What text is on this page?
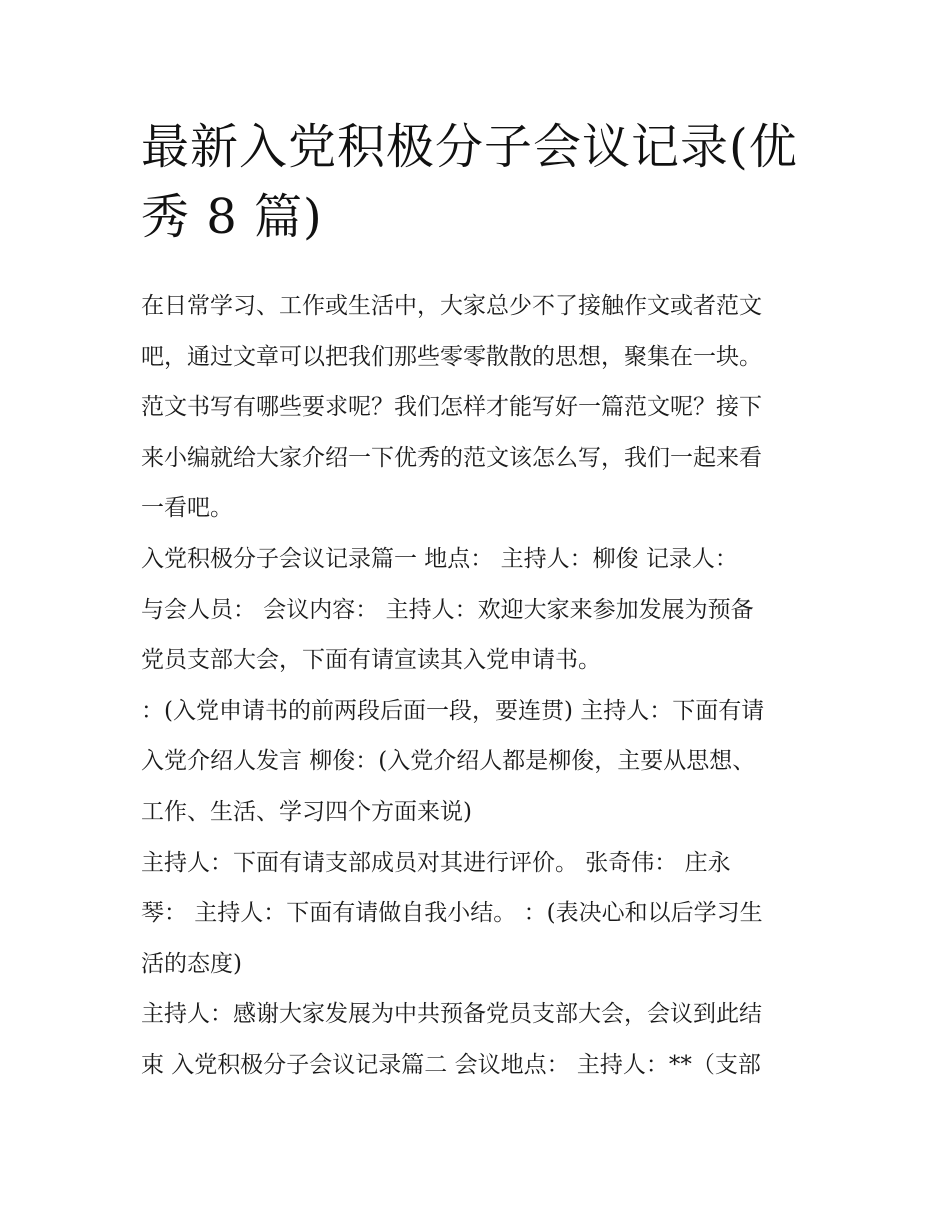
最新入党积极分子会议记录(优
秀 8 篇)
在日常学习、工作或生活中，大家总少不了接触作文或者范文
吧，通过文章可以把我们那些零零散散的思想，聚集在一块。
范文书写有哪些要求呢？我们怎样才能写好一篇范文呢？接下
来小编就给大家介绍一下优秀的范文该怎么写，我们一起来看
一看吧。
入党积极分子会议记录篇一 地点： 主持人：柳俊 记录人：
与会人员： 会议内容： 主持人：欢迎大家来参加发展为预备
党员支部大会，下面有请宣读其入党申请书。
：(入党申请书的前两段后面一段，要连贯) 主持人：下面有请
入党介绍人发言 柳俊：(入党介绍人都是柳俊，主要从思想、
工作、生活、学习四个方面来说)
主持人：下面有请支部成员对其进行评价。 张奇伟： 庄永
琴： 主持人：下面有请做自我小结。 ：(表决心和以后学习生
活的态度)
主持人：感谢大家发展为中共预备党员支部大会，会议到此结
束 入党积极分子会议记录篇二 会议地点： 主持人：**（支部
